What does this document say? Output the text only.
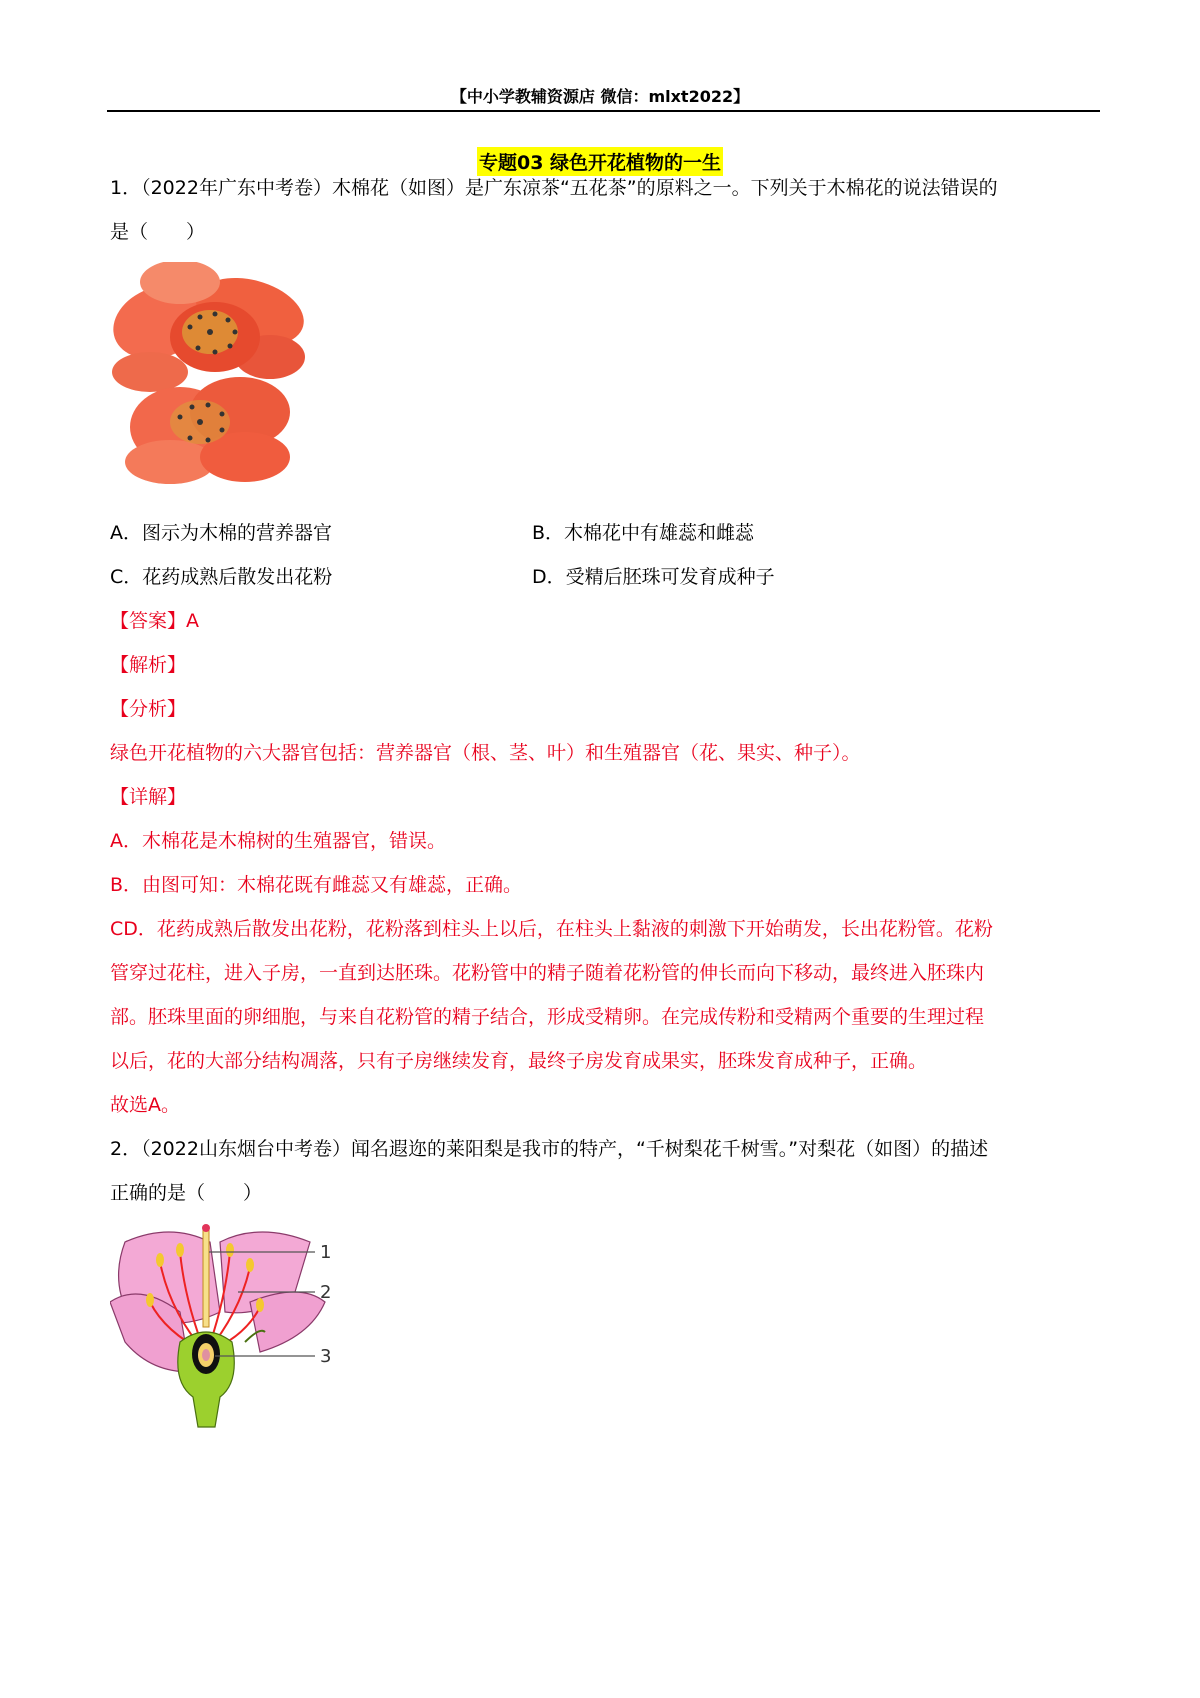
【中小学教辅资源店 微信：mlxt2022】
专题03 绿色开花植物的一生
1．（2022年广东中考卷）木棉花（如图）是广东凉茶“五花茶”的原料之一。下列关于木棉花的说法错误的
是（　　）
A．图示为木棉的营养器官	B．木棉花中有雄蕊和雌蕊
C．花药成熟后散发出花粉	D．受精后胚珠可发育成种子
【答案】A
【解析】
【分析】
绿色开花植物的六大器官包括：营养器官（根、茎、叶）和生殖器官（花、果实、种子）。
【详解】
A．木棉花是木棉树的生殖器官，错误。
B．由图可知：木棉花既有雌蕊又有雄蕊，正确。
CD．花药成熟后散发出花粉，花粉落到柱头上以后，在柱头上黏液的刺激下开始萌发，长出花粉管。花粉
管穿过花柱，进入子房，一直到达胚珠。花粉管中的精子随着花粉管的伸长而向下移动，最终进入胚珠内
部。胚珠里面的卵细胞，与来自花粉管的精子结合，形成受精卵。在完成传粉和受精两个重要的生理过程
以后，花的大部分结构凋落，只有子房继续发育，最终子房发育成果实，胚珠发育成种子，正确。
故选A。
2．（2022山东烟台中考卷）闻名遐迩的莱阳梨是我市的特产，“千树梨花千树雪。”对梨花（如图）的描述
正确的是（　　）
1
2
3
